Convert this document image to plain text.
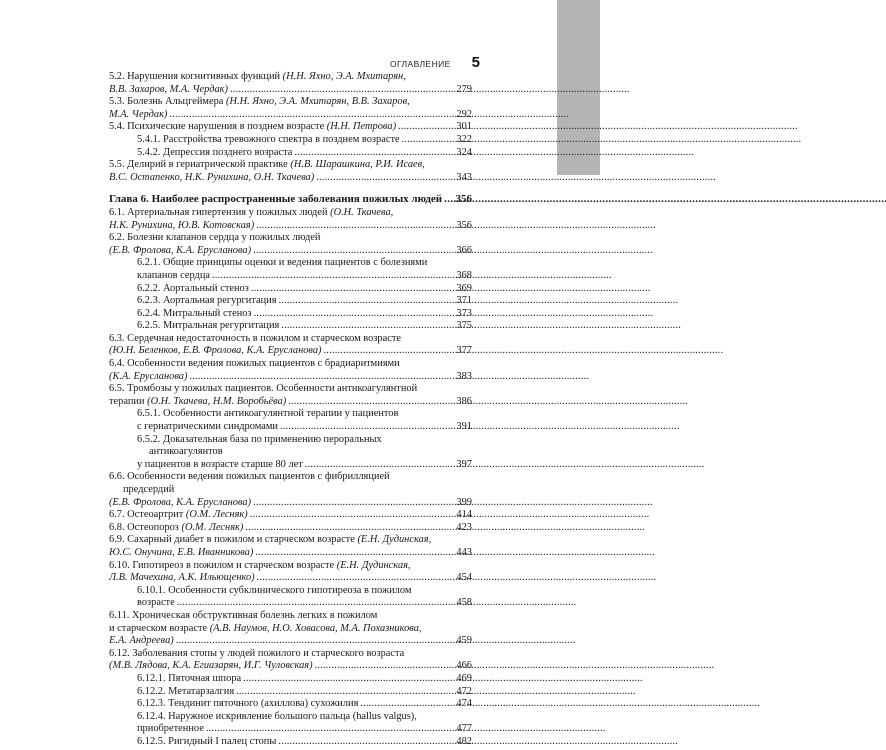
ОГЛАВЛЕНИЕ 5
5.2. Нарушения когнитивных функций (Н.Н. Яхно, Э.А. Мхитарян,
В.В. Захаров, М.А. Чердак) . . .	279
5.3. Болезнь Альцгеймера (Н.Н. Яхно, Э.А. Мхитарян, В.В. Захаров,
М.А. Чердак) . . .	292
5.4. Психические нарушения в позднем возрасте (Н.Н. Петрова) . . .	301
5.4.1. Расстройства тревожного спектра в позднем возрасте . . .	322
5.4.2. Депрессия позднего возраста . . .	324
5.5. Делирий в гериатрической практике (Н.В. Шарашкина, Р.И. Исаев,
В.С. Остапенко, Н.К. Рунихина, О.Н. Ткачева) . . .	343
Глава 6. Наиболее распространенные заболевания пожилых людей . . .	356
6.1. Артериальная гипертензия у пожилых людей (О.Н. Ткачева,
Н.К. Рунихина, Ю.В. Котовская) . . .	356
6.2. Болезни клапанов сердца у пожилых людей
(Е.В. Фролова, К.А. Ерусланова) . . .	366
6.2.1. Общие принципы оценки и ведения пациентов с болезнями
клапанов сердца . . .	368
6.2.2. Аортальный стеноз . . .	369
6.2.3. Аортальная регургитация . . .	371
6.2.4. Митральный стеноз . . .	373
6.2.5. Митральная регургитация . . .	375
6.3. Сердечная недостаточность в пожилом и старческом возрасте
(Ю.Н. Беленков, Е.В. Фролова, К.А. Ерусланова) . . .	377
6.4. Особенности ведения пожилых пациентов с брадиаритмиями
(К.А. Ерусланова) . . .	383
6.5. Тромбозы у пожилых пациентов. Особенности антикоагулянтной
терапии (О.Н. Ткачева, Н.М. Воробьёва) . . .	386
6.5.1. Особенности антикоагулянтной терапии у пациентов
с гериатрическими синдромами . . .	391
6.5.2. Доказательная база по применению пероральных антикоагулянтов
у пациентов в возрасте старше 80 лет . . .	397
6.6. Особенности ведения пожилых пациентов с фибрилляцией предсердий
(Е.В. Фролова, К.А. Ерусланова) . . .	399
6.7. Остеоартрит (О.М. Лесняк) . . .	414
6.8. Остеопороз (О.М. Лесняк) . . .	423
6.9. Сахарный диабет в пожилом и старческом возрасте (Е.Н. Дудинская,
Ю.С. Онучина, Е.В. Иванникова) . . .	443
6.10. Гипотиреоз в пожилом и старческом возрасте (Е.Н. Дудинская,
Л.В. Мачехина, А.К. Ильющенко) . . .	454
6.10.1. Особенности субклинического гипотиреоза в пожилом
возрасте . . .	458
6.11. Хроническая обструктивная болезнь легких в пожилом
и старческом возрасте (А.В. Наумов, Н.О. Ховасова, М.А. Похазникова,
Е.А. Андреева) . . .	459
6.12. Заболевания стопы у людей пожилого и старческого возраста
(М.В. Лядова, К.А. Егиазарян, И.Г. Чуловская) . . .	466
6.12.1. Пяточная шпора . . .	469
6.12.2. Метатарзалгия . . .	472
6.12.3. Тендинит пяточного (ахиллова) сухожилия . . .	474
6.12.4. Наружное искривление большого пальца (hallus valgus),
приобретенное . . .	477
6.12.5. Ригидный I палец стопы . . .	482
